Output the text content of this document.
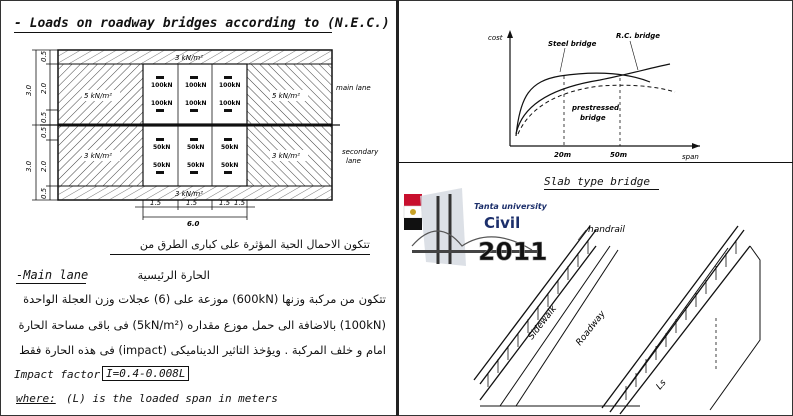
- Loads on roadway bridges according to (N.E.C.)
3 kN/m²
3 kN/m²
5 kN/m²	5 kN/m²
3 kN/m²	3 kN/m²
100kN 100kN 100kN
100kN 100kN 100kN
50kN	50kN	50kN
50kN	50kN	50kN
main lane
secondary
lane
0.5
2.0
0.5
0.5
2.0
0.5
3.0
3.0
1.5	1.5	1.5 1.5
6.0
تتكون الاحمال الحية المؤثرة على كبارى الطرق من
-Main lane	الحارة الرئيسية
تتكون من مركبة وزنها (600kN) موزعة على (6) عجلات وزن العجلة الواحدة
(100kN) بالاضافة الى حمل موزع مقداره (5kN/m²) فى باقى مساحة الحارة
امام و خلف المركبة . ويؤخذ التاثير الديناميكى (impact) فى هذه الحارة فقط
Impact factor I=0.4-0.008L
where: (L) is the loaded span in meters
cost
span
Steel bridge
R.C. bridge
prestressed
bridge
20m	50m
Slab type bridge
Tanta university
Civil
2011
handrail
Sidewalk Roadway
Ls
